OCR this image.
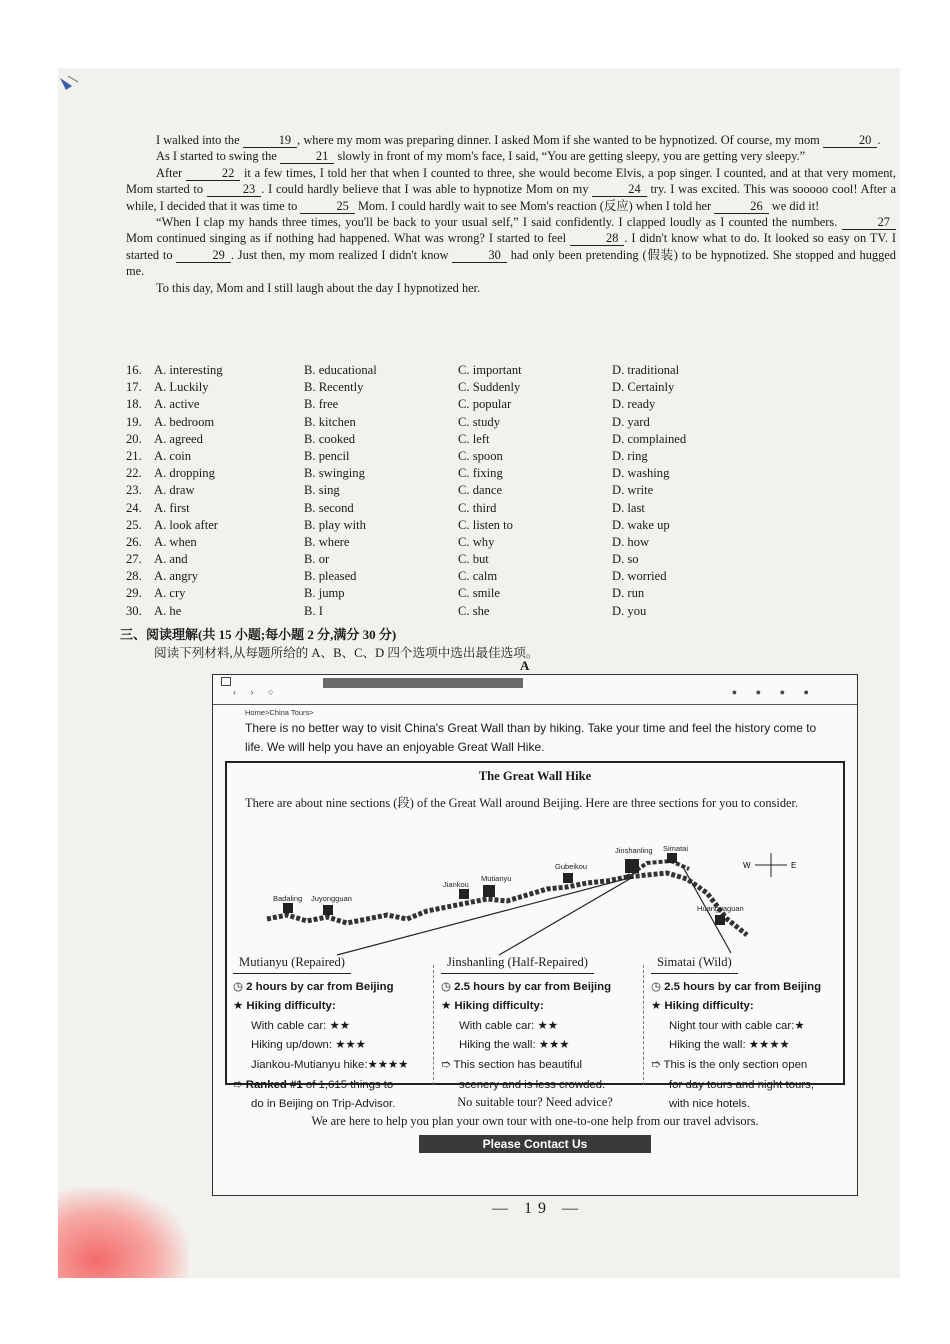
I walked into the	19 , where my mom was preparing dinner. I asked Mom if she wanted to be hypnotized. Of course, my mom	20 .

As I started to swing the	21 slowly in front of my mom's face, I said, “You are getting sleepy, you are getting very sleepy.”

After	22 it a few times, I told her that when I counted to three, she would become Elvis, a pop singer. I counted, and at that very moment, Mom started to	23 . I could hardly believe that I was able to hypnotize Mom on my	24 try. I was excited. This was sooooo cool! After a while, I decided that it was time to	25 Mom. I could hardly wait to see Mom's reaction (反应) when I told her	26 we did it!

“When I clap my hands three times, you'll be back to your usual self,” I said confidently. I clapped loudly as I counted the numbers.	27 Mom continued singing as if nothing had happened. What was wrong? I started to feel	28 . I didn't know what to do. It looked so easy on TV. I started to	29 . Just then, my mom realized I didn't know	30 had only been pretending (假装) to be hypnotized. She stopped and hugged me.

To this day, Mom and I still laugh about the day I hypnotized her.

16. A. interesting	B. educational	C. important	D. traditional
17. A. Luckily	B. Recently	C. Suddenly	D. Certainly
18. A. active	B. free	C. popular	D. ready
19. A. bedroom	B. kitchen	C. study	D. yard
20. A. agreed	B. cooked	C. left	D. complained
21. A. coin	B. pencil	C. spoon	D. ring
22. A. dropping	B. swinging	C. fixing	D. washing
23. A. draw	B. sing	C. dance	D. write
24. A. first	B. second	C. third	D. last
25. A. look after	B. play with	C. listen to	D. wake up
26. A. when	B. where	C. why	D. how
27. A. and	B. or	C. but	D. so
28. A. angry	B. pleased	C. calm	D. worried
29. A. cry	B. jump	C. smile	D. run
30. A. he	B. I	C. she	D. you
三、阅读理解(共 15 小题;每小题 2 分,满分 30 分)
阅读下列材料,从每题所给的 A、B、C、D 四个选项中选出最佳选项。
A
‹ › ○	● ● ● ●
Home>China Tours>
There is no better way to visit China's Great Wall than by hiking. Take your time and feel the history come to life. We will help you have an enjoyable Great Wall Hike.
The Great Wall Hike
There are about nine sections (段) of the Great Wall around Beijing. Here are three sections for you to consider.
Badaling Juyongguan
Jiankou
Mutianyu
Gubeikou
Jinshanling Simatai
Huangyaguan
W	E
Mutianyu (Repaired)
◷ 2 hours by car from Beijing
★ Hiking difficulty:
With cable car: ★★
Hiking up/down: ★★★
Jiankou-Mutianyu hike:★★★★
➱ Ranked #1 of 1,615 things to
do in Beijing on Trip-Advisor.
Jinshanling (Half-Repaired)
◷ 2.5 hours by car from Beijing
★ Hiking difficulty:
With cable car: ★★
Hiking the wall: ★★★
➱ This section has beautiful
scenery and is less crowded.
Simatai (Wild)
◷ 2.5 hours by car from Beijing
★ Hiking difficulty:
Night tour with cable car:★
Hiking the wall: ★★★★
➱ This is the only section open
for day tours and night tours,
with nice hotels.
No suitable tour? Need advice?
We are here to help you plan your own tour with one-to-one help from our travel advisors.
Please Contact Us
— 19 —
